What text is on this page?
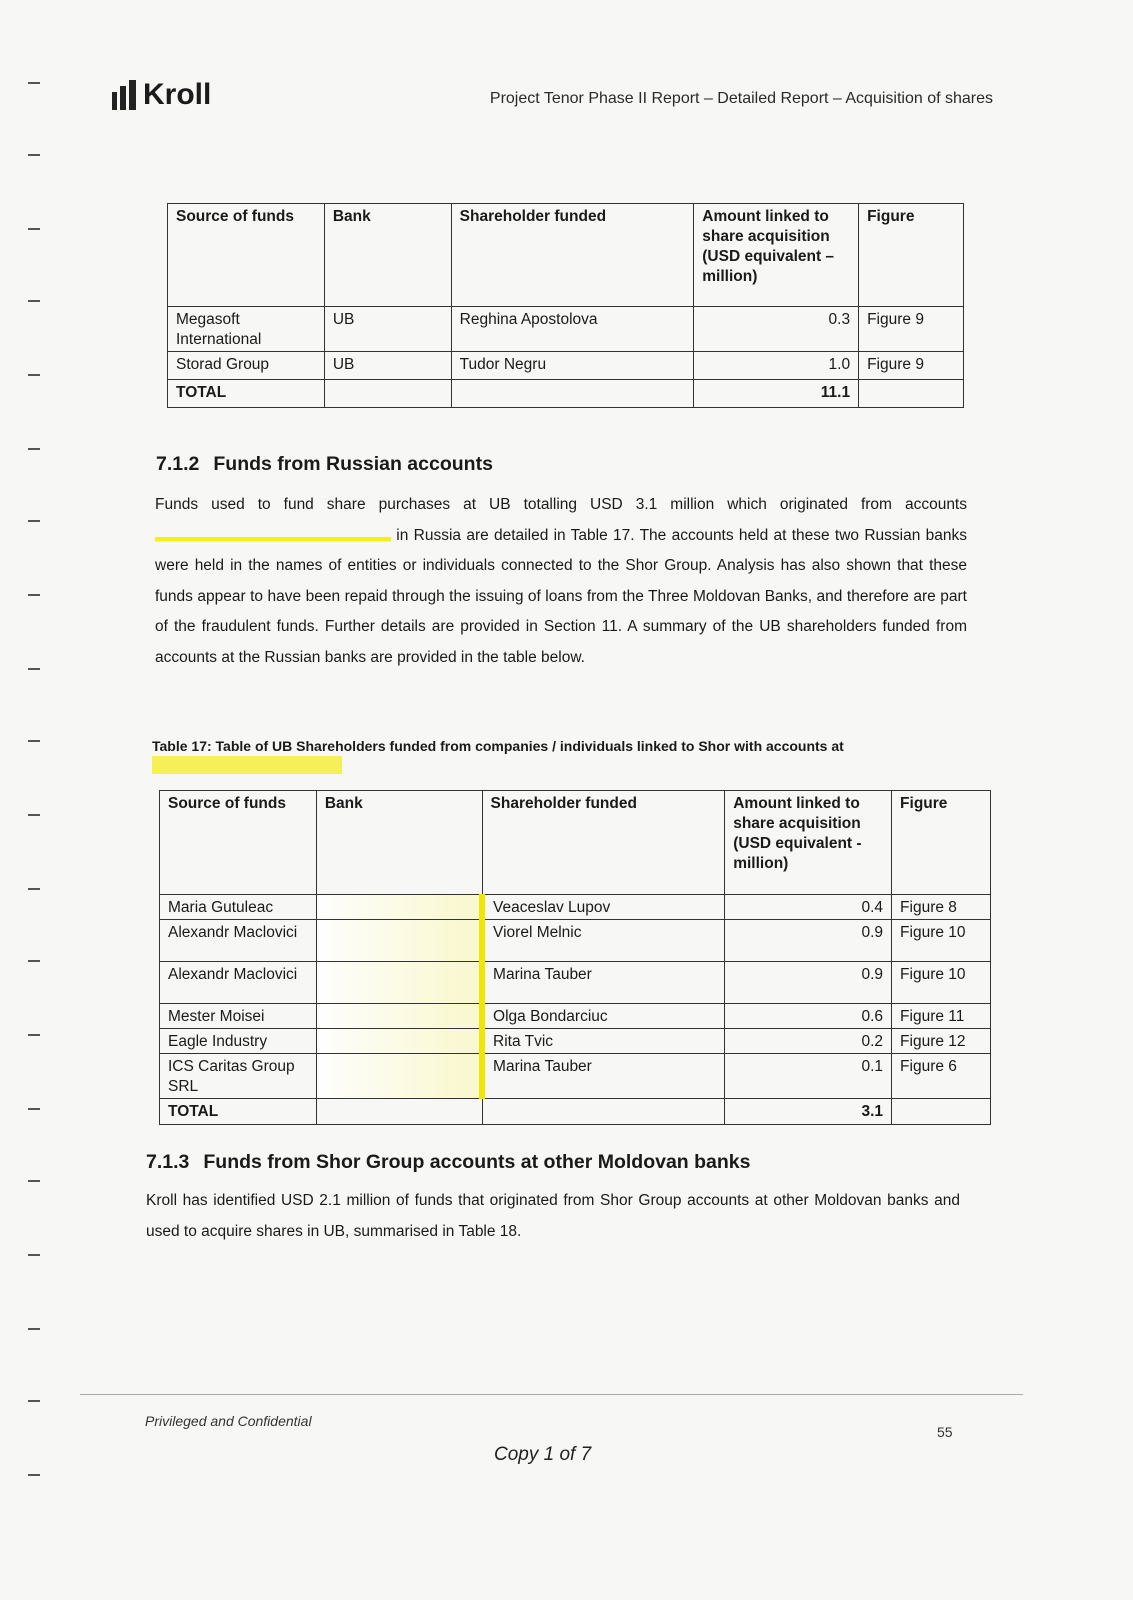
Kroll	Project Tenor Phase II Report – Detailed Report – Acquisition of shares
Source of funds	Bank	Shareholder funded	Amount linked to share acquisition (USD equivalent – million)	Figure
Megasoft International	UB	Reghina Apostolova	0.3	Figure 9
Storad Group	UB	Tudor Negru	1.0	Figure 9
TOTAL			11.1	
7.1.2 Funds from Russian accounts

Funds used to fund share purchases at UB totalling USD 3.1 million which originated from accounts  in Russia are detailed in Table 17. The accounts held at these two Russian banks were held in the names of entities or individuals connected to the Shor Group. Analysis has also shown that these funds appear to have been repaid through the issuing of loans from the Three Moldovan Banks, and therefore are part of the fraudulent funds. Further details are provided in Section 11. A summary of the UB shareholders funded from accounts at the Russian banks are provided in the table below.

Table 17: Table of UB Shareholders funded from companies / individuals linked to Shor with accounts at

Source of funds	Bank	Shareholder funded	Amount linked to share acquisition (USD equivalent - million)	Figure
Maria Gutuleac		Veaceslav Lupov	0.4	Figure 8
Alexandr Maclovici		Viorel Melnic	0.9	Figure 10
Alexandr Maclovici		Marina Tauber	0.9	Figure 10
Mester Moisei		Olga Bondarciuc	0.6	Figure 11
Eagle Industry		Rita Tvic	0.2	Figure 12
ICS Caritas Group SRL		Marina Tauber	0.1	Figure 6
TOTAL			3.1	
7.1.3 Funds from Shor Group accounts at other Moldovan banks

Kroll has identified USD 2.1 million of funds that originated from Shor Group accounts at other Moldovan banks and used to acquire shares in UB, summarised in Table 18.

Privileged and Confidential
55
Copy 1 of 7
